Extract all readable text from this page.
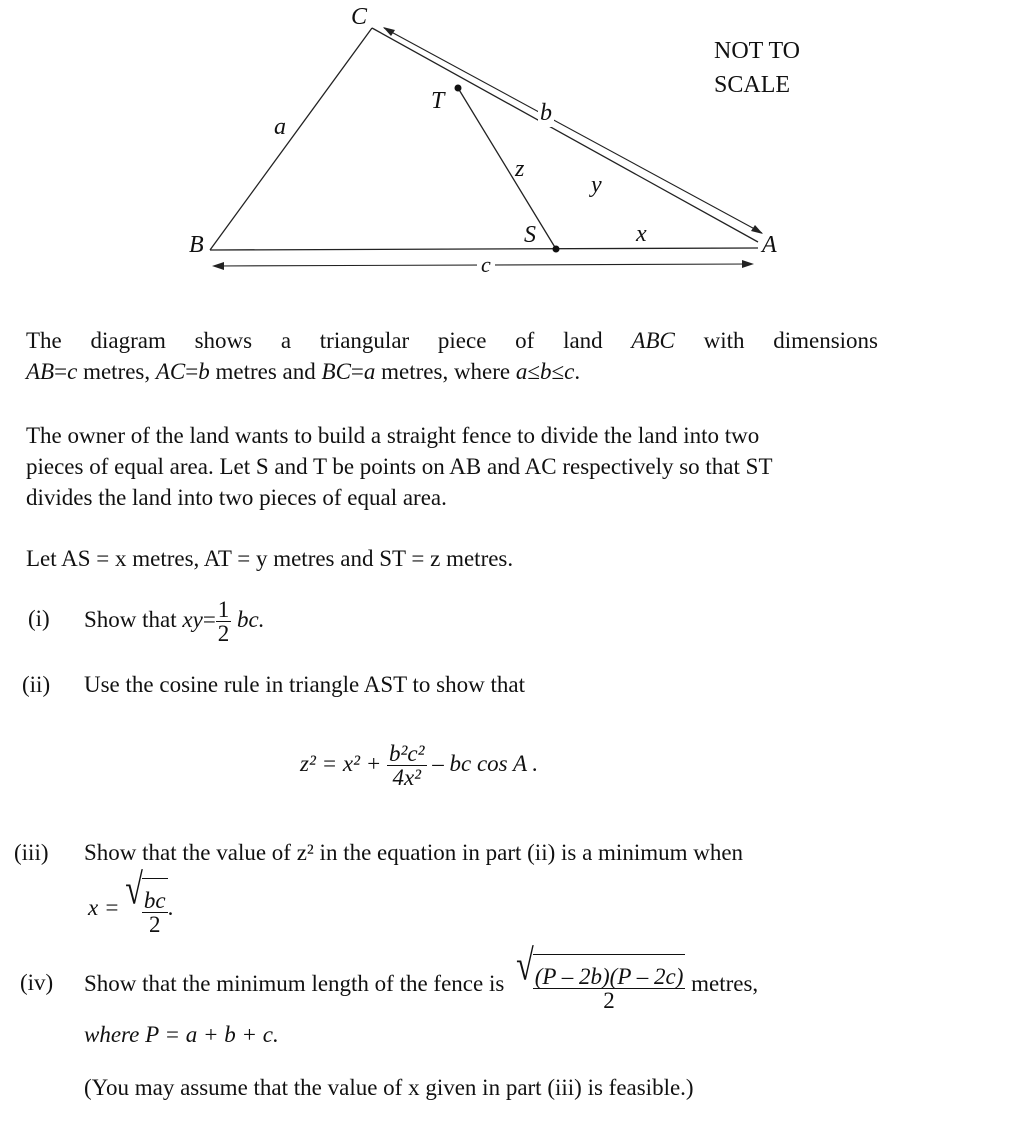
C
T
a
b
z
y
S	x
B	A
c
NOT TO
SCALE

The diagram shows a triangular piece of land ABC with dimensions

AB=c metres, AC=b metres and BC=a metres, where a≤b≤c.

The owner of the land wants to build a straight fence to divide the land into two

pieces of equal area. Let S and T be points on AB and AC respectively so that ST

divides the land into two pieces of equal area.

Let AS = x metres, AT = y metres and ST = z metres.
(i) Show that $xy= \frac{1}{2}$ bc.
(ii) Use the cosine rule in triangle AST to show that
$z^2 = x^2 + \frac{\text{b²c²}}{\text{4x²}}$ – bc cos A .
(iii) Show that the value of z² in the equation in part (ii) is a minimum when
x = √ $\frac{bc}{2}$ .
(iv) Show that the minimum length of the fence is √ $\frac{(P - 2b)(P - 2c)}{2}$ metres,
where P = a + b + c.
(You may assume that the value of x given in part (iii) is feasible.)
